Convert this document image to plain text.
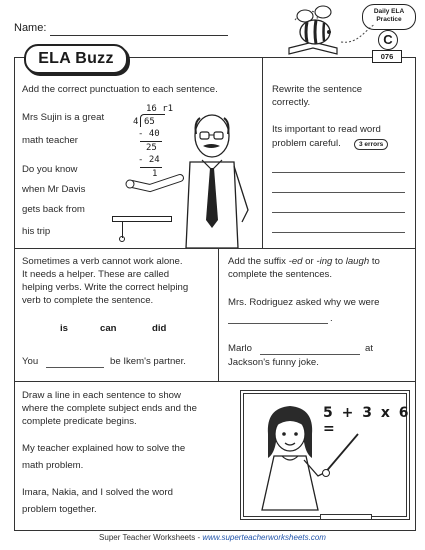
Name:
ELA Buzz
Daily ELA
Practice
C
076
Add the correct punctuation to each sentence.
Mrs Sujin is a great
math teacher
Do you know
when Mr Davis
gets back from
his trip
16 r1
4 65
- 40
25
- 24
1
Rewrite the sentence
correctly.
Its important to read word
problem careful.	3 errors
Sometimes a verb cannot work alone.
It needs a helper. These are called
helping verbs. Write the correct helping
verb to complete the sentence.
is	can	did
You	be Ikem's partner.
Add the suffix -ed or -ing to laugh to
complete the sentences.
Mrs. Rodriguez asked why we were
.
Marlo	at
Jackson's funny joke.
Draw a line in each sentence to show
where the complete subject ends and the
complete predicate begins.
My teacher explained how to solve the
math problem.
Imara, Nakia, and I solved the word
problem together.
5 + 3 x 6 =
Super Teacher Worksheets - www.superteacherworksheets.com
